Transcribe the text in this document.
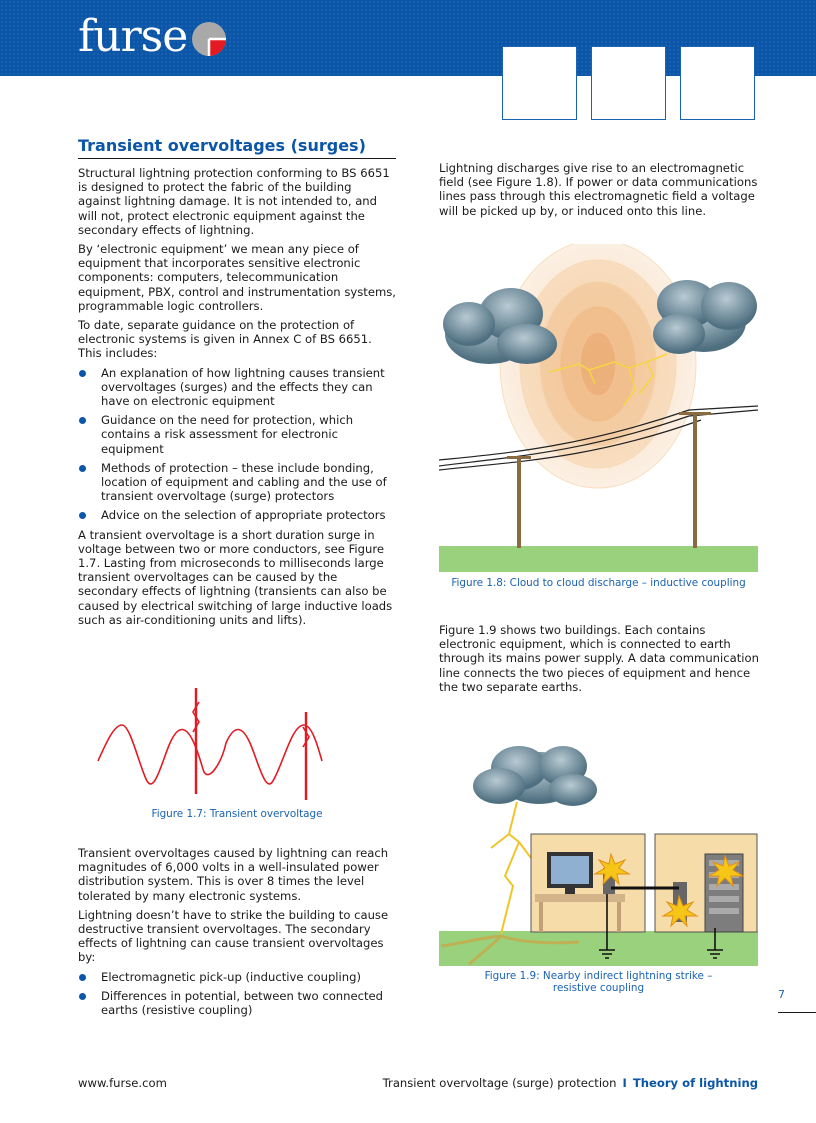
furse
Transient overvoltages (surges)

Structural lightning protection conforming to BS 6651 is designed to protect the fabric of the building against lightning damage. It is not intended to, and will not, protect electronic equipment against the secondary effects of lightning.

By ‘electronic equipment’ we mean any piece of equipment that incorporates sensitive electronic components: computers, telecommunication equipment, PBX, control and instrumentation systems, programmable logic controllers.

To date, separate guidance on the protection of electronic systems is given in Annex C of BS 6651. This includes:

An explanation of how lightning causes transient overvoltages (surges) and the effects they can have on electronic equipment
Guidance on the need for protection, which contains a risk assessment for electronic equipment
Methods of protection – these include bonding, location of equipment and cabling and the use of transient overvoltage (surge) protectors
Advice on the selection of appropriate protectors

A transient overvoltage is a short duration surge in voltage between two or more conductors, see Figure 1.7. Lasting from microseconds to milliseconds large transient overvoltages can be caused by the secondary effects of lightning (transients can also be caused by electrical switching of large inductive loads such as air-conditioning units and lifts).

Figure 1.7: Transient overvoltage

Transient overvoltages caused by lightning can reach magnitudes of 6,000 volts in a well-insulated power distribution system. This is over 8 times the level tolerated by many electronic systems.

Lightning doesn’t have to strike the building to cause destructive transient overvoltages. The secondary effects of lightning can cause transient overvoltages by:

Electromagnetic pick-up (inductive coupling)
Differences in potential, between two connected earths (resistive coupling)

Lightning discharges give rise to an electromagnetic field (see Figure 1.8). If power or data communications lines pass through this electromagnetic field a voltage will be picked up by, or induced onto this line.

Figure 1.8: Cloud to cloud discharge – inductive coupling

Figure 1.9 shows two buildings. Each contains electronic equipment, which is connected to earth through its mains power supply. A data communication line connects the two pieces of equipment and hence the two separate earths.

Figure 1.9: Nearby indirect lightning strike –
resistive coupling	7
www.furse.com	Transient overvoltage (surge) protection I Theory of lightning
